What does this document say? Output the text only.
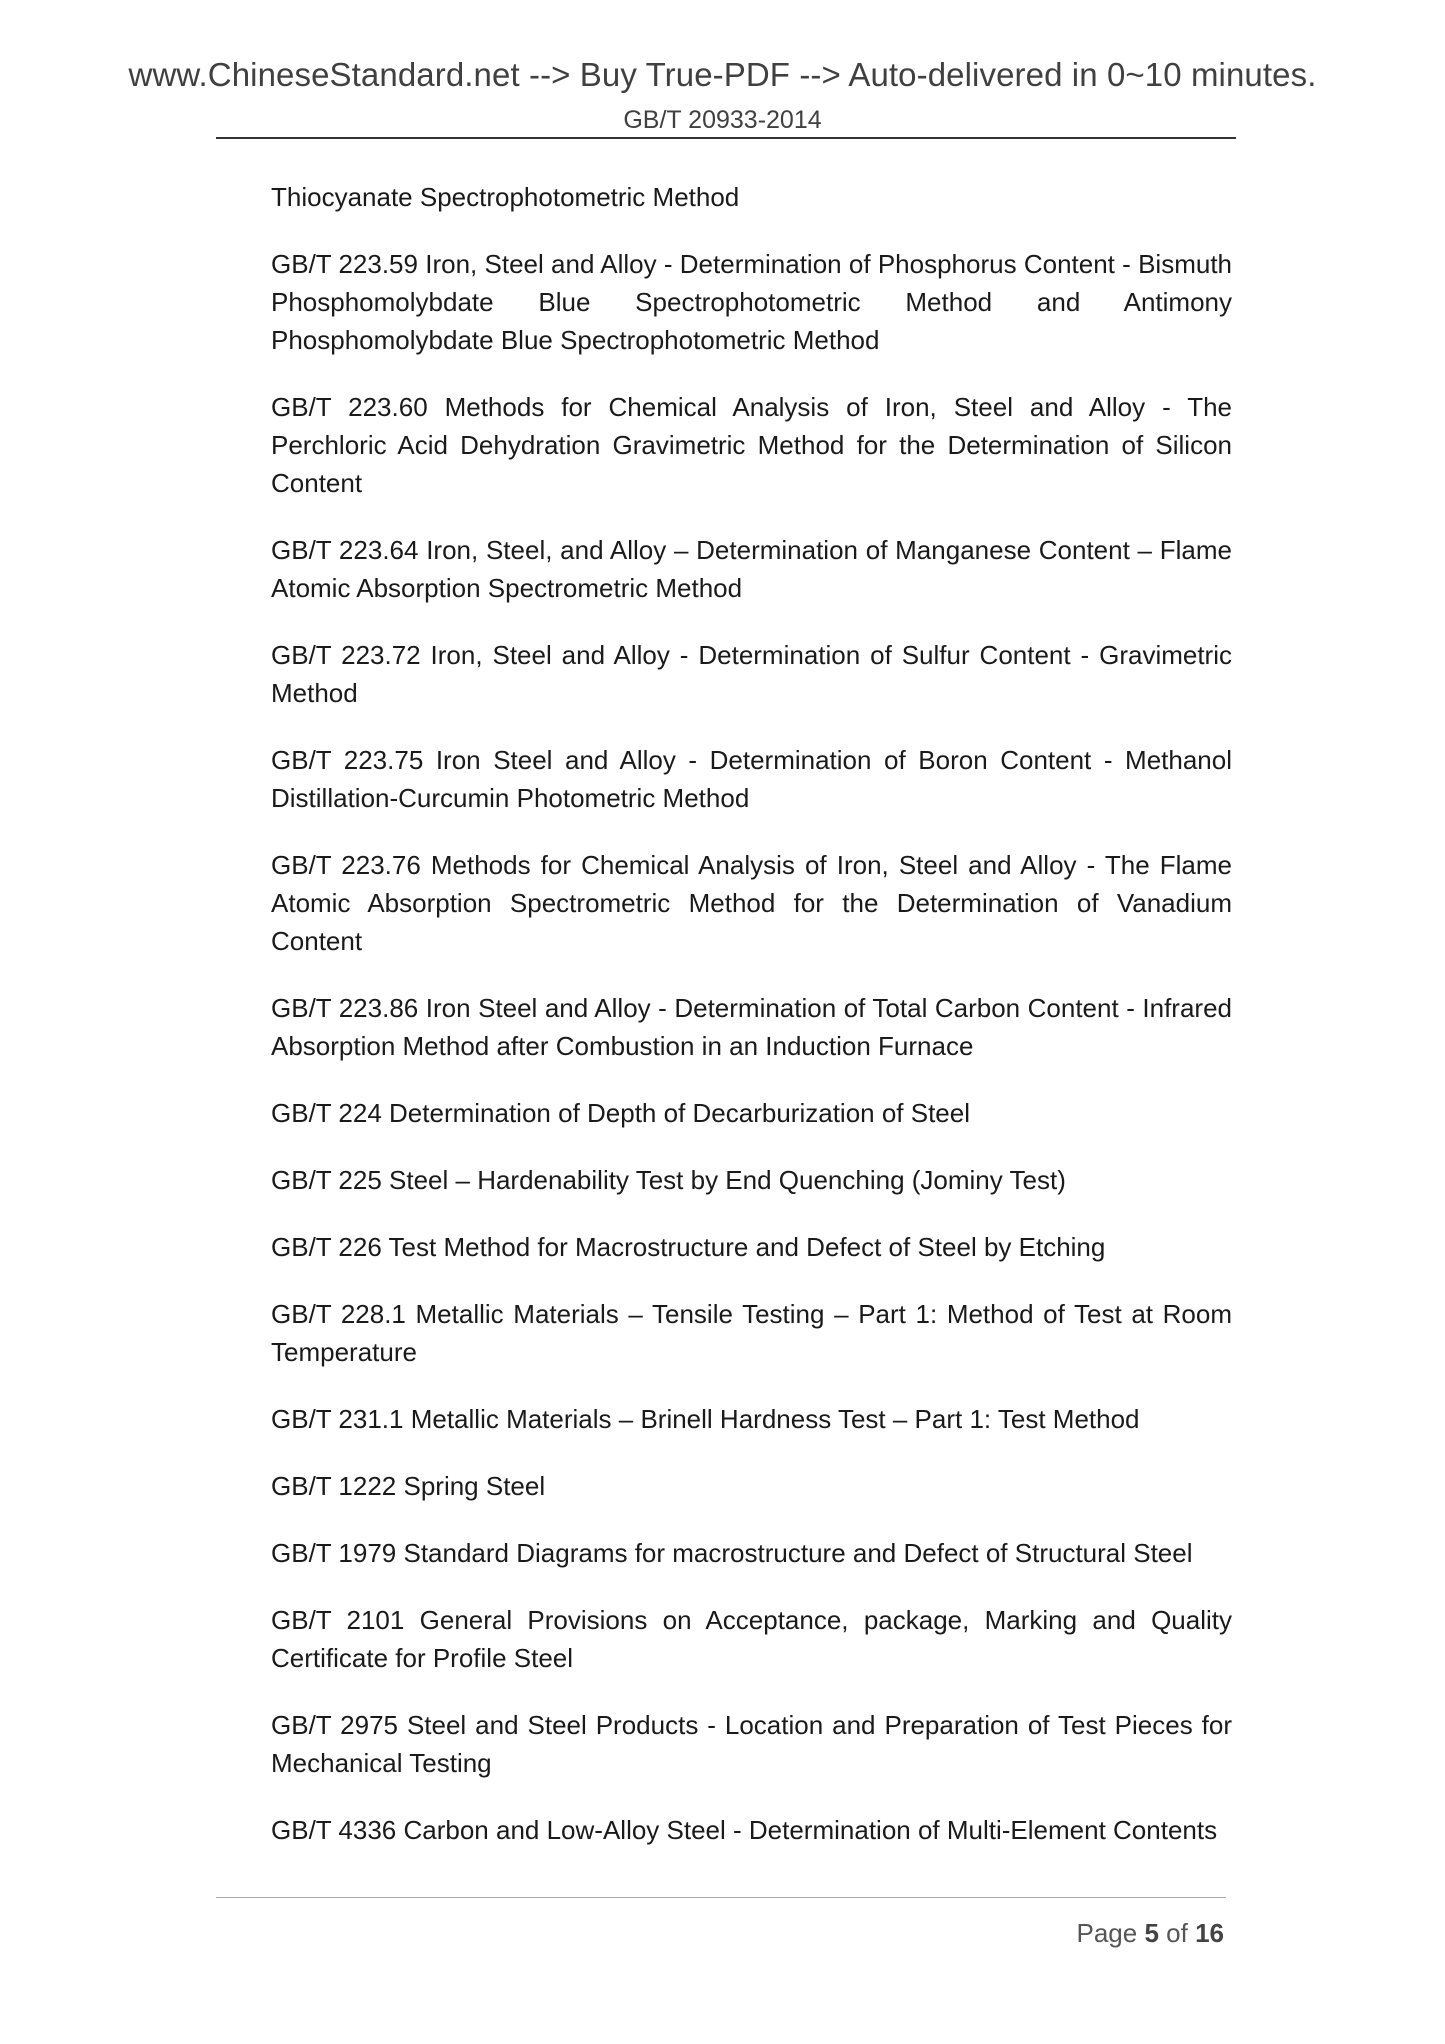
www.ChineseStandard.net --> Buy True-PDF --> Auto-delivered in 0~10 minutes.
GB/T 20933-2014

Thiocyanate Spectrophotometric Method

GB/T 223.59 Iron, Steel and Alloy - Determination of Phosphorus Content - Bismuth Phosphomolybdate Blue Spectrophotometric Method and Antimony Phosphomolybdate Blue Spectrophotometric Method

GB/T 223.60 Methods for Chemical Analysis of Iron, Steel and Alloy - The Perchloric Acid Dehydration Gravimetric Method for the Determination of Silicon Content

GB/T 223.64 Iron, Steel, and Alloy – Determination of Manganese Content – Flame Atomic Absorption Spectrometric Method

GB/T 223.72 Iron, Steel and Alloy - Determination of Sulfur Content - Gravimetric Method

GB/T 223.75 Iron Steel and Alloy - Determination of Boron Content - Methanol Distillation-Curcumin Photometric Method

GB/T 223.76 Methods for Chemical Analysis of Iron, Steel and Alloy - The Flame Atomic Absorption Spectrometric Method for the Determination of Vanadium Content

GB/T 223.86 Iron Steel and Alloy - Determination of Total Carbon Content - Infrared Absorption Method after Combustion in an Induction Furnace

GB/T 224 Determination of Depth of Decarburization of Steel

GB/T 225 Steel – Hardenability Test by End Quenching (Jominy Test)

GB/T 226 Test Method for Macrostructure and Defect of Steel by Etching

GB/T 228.1 Metallic Materials – Tensile Testing – Part 1: Method of Test at Room Temperature

GB/T 231.1 Metallic Materials – Brinell Hardness Test – Part 1: Test Method

GB/T 1222 Spring Steel

GB/T 1979 Standard Diagrams for macrostructure and Defect of Structural Steel

GB/T 2101 General Provisions on Acceptance, package, Marking and Quality Certificate for Profile Steel

GB/T 2975 Steel and Steel Products - Location and Preparation of Test Pieces for Mechanical Testing

GB/T 4336 Carbon and Low-Alloy Steel - Determination of Multi-Element Contents

Page 5 of 16
